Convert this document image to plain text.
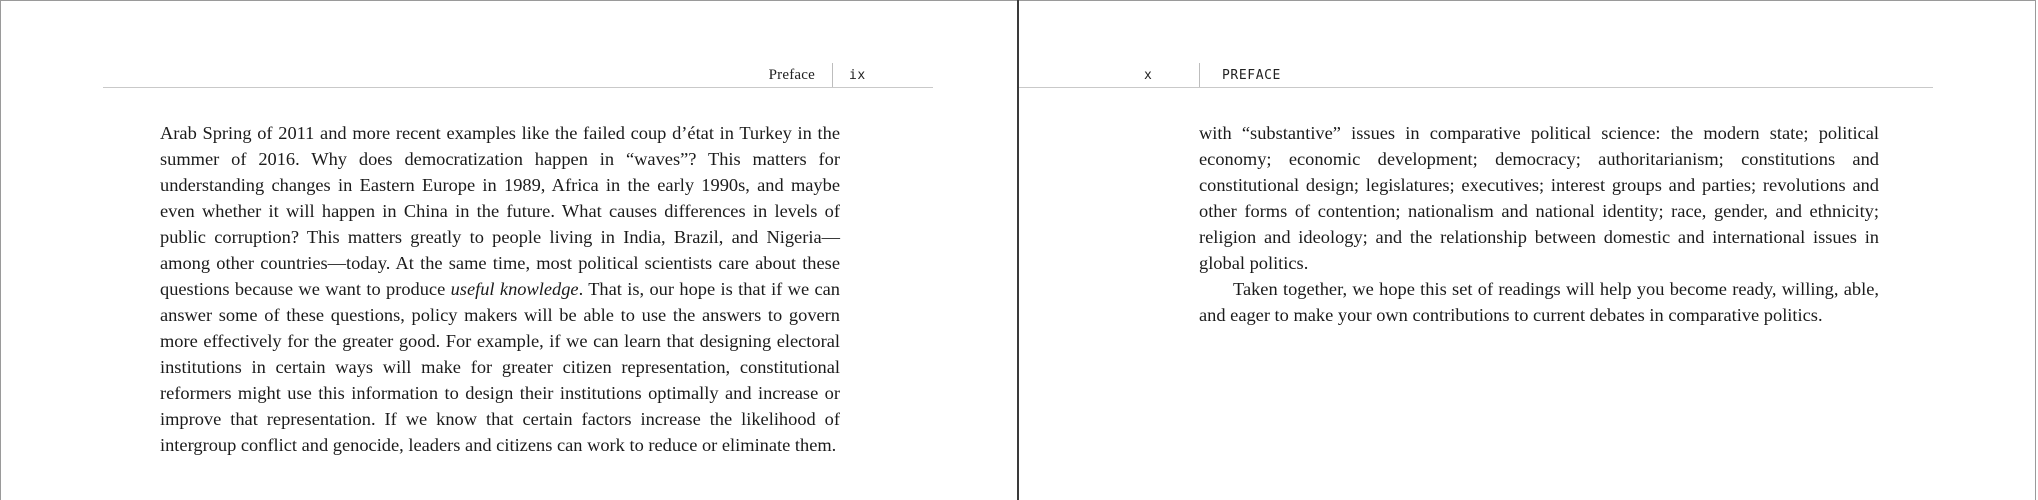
Preface	ix

Arab Spring of 2011 and more recent examples like the failed coup d’état in Turkey in the summer of 2016. Why does democratization happen in “waves”? This matters for understanding changes in Eastern Europe in 1989, Africa in the early 1990s, and maybe even whether it will happen in China in the future. What causes differences in levels of public corruption? This matters greatly to people living in India, Brazil, and Nigeria—among other countries—today. At the same time, most political scientists care about these questions because we want to produce useful knowledge. That is, our hope is that if we can answer some of these questions, policy makers will be able to use the answers to govern more effectively for the greater good. For example, if we can learn that designing electoral institutions in certain ways will make for greater citizen representation, constitutional reformers might use this information to design their institutions optimally and increase or improve that representation. If we know that certain factors increase the likelihood of intergroup conflict and genocide, leaders and citizens can work to reduce or eliminate them.

x	PREFACE

with “substantive” issues in comparative political science: the modern state; political economy; economic development; democracy; authoritarianism; constitutions and constitutional design; legislatures; executives; interest groups and parties; revolutions and other forms of contention; nationalism and national identity; race, gender, and ethnicity; religion and ideology; and the relationship between domestic and international issues in global politics.

Taken together, we hope this set of readings will help you become ready, willing, able, and eager to make your own contributions to current debates in comparative politics.
